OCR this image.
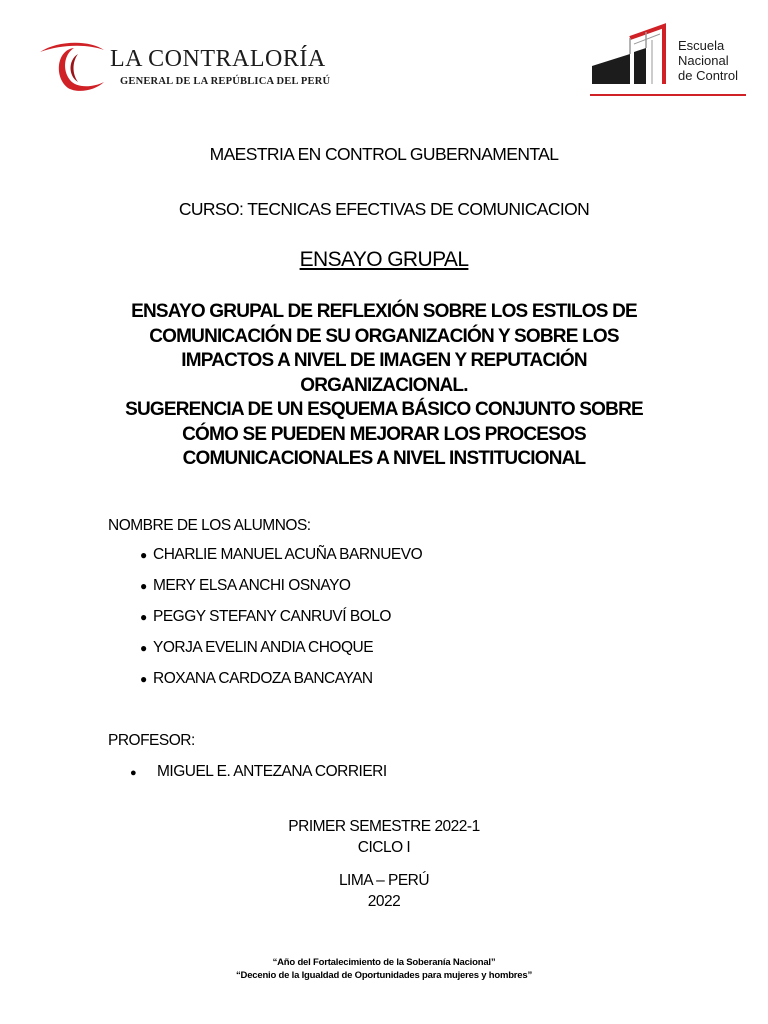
LA CONTRALORÍA
GENERAL DE LA REPÚBLICA DEL PERÚ
Escuela
Nacional
de Control
MAESTRIA EN CONTROL GUBERNAMENTAL
CURSO: TECNICAS EFECTIVAS DE COMUNICACION
ENSAYO GRUPAL
ENSAYO GRUPAL DE REFLEXIÓN SOBRE LOS ESTILOS DE
COMUNICACIÓN DE SU ORGANIZACIÓN Y SOBRE LOS
IMPACTOS A NIVEL DE IMAGEN Y REPUTACIÓN
ORGANIZACIONAL.
SUGERENCIA DE UN ESQUEMA BÁSICO CONJUNTO SOBRE
CÓMO SE PUEDEN MEJORAR LOS PROCESOS
COMUNICACIONALES A NIVEL INSTITUCIONAL
NOMBRE DE LOS ALUMNOS:
● CHARLIE MANUEL ACUÑA BARNUEVO
● MERY ELSA ANCHI OSNAYO
● PEGGY STEFANY CANRUVÍ BOLO
● YORJA EVELIN ANDIA CHOQUE
● ROXANA CARDOZA BANCAYAN
PROFESOR:
● MIGUEL E. ANTEZANA CORRIERI
PRIMER SEMESTRE 2022-1
CICLO I
LIMA – PERÚ
2022
“Año del Fortalecimiento de la Soberanía Nacional”
“Decenio de la Igualdad de Oportunidades para mujeres y hombres”
